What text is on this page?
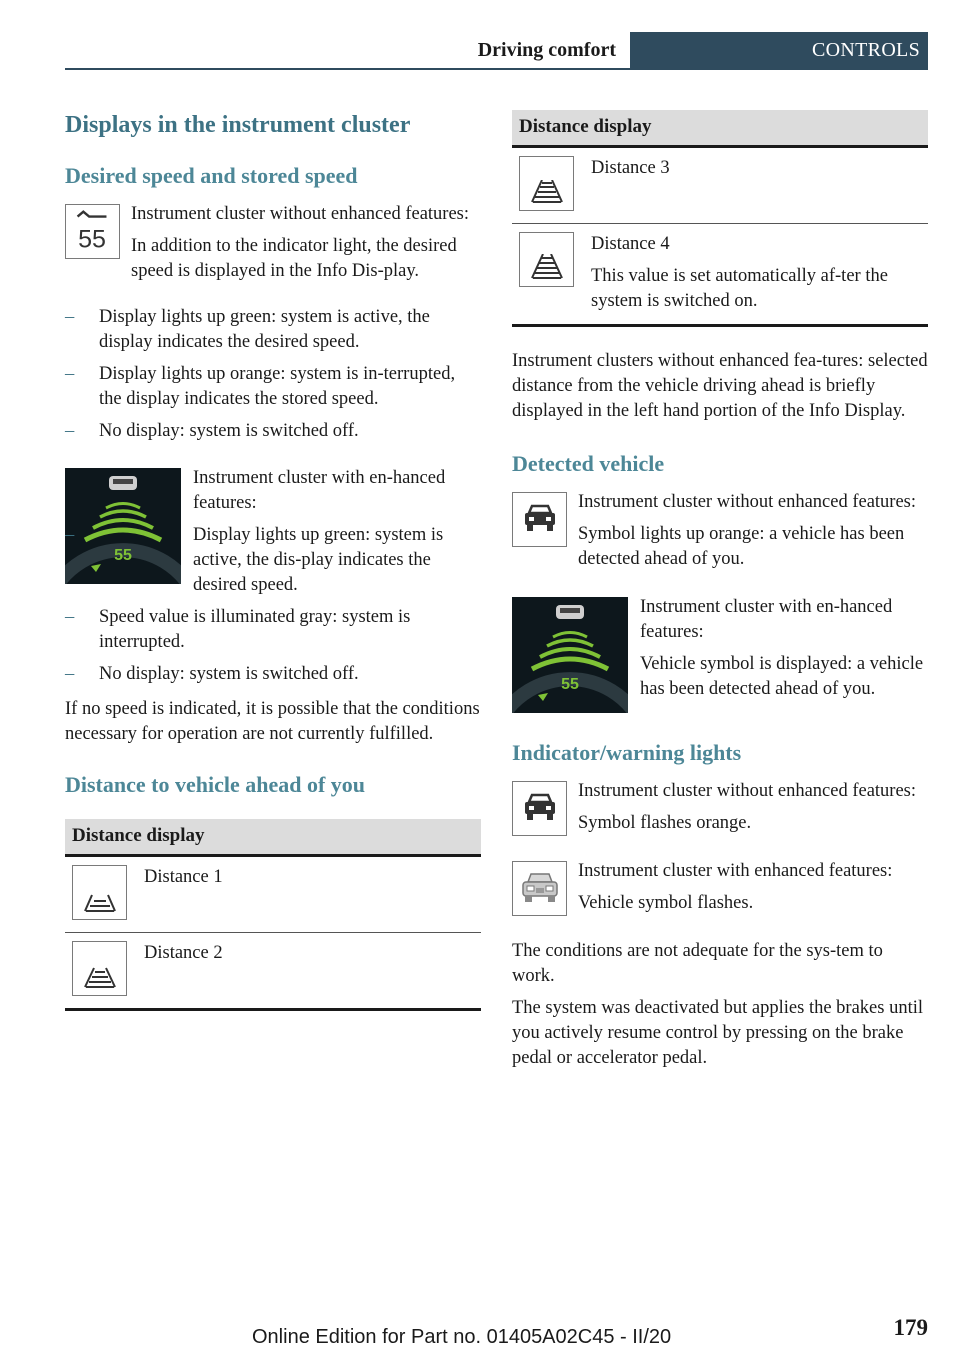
Driving comfort	CONTROLS
Displays in the instrument cluster
Desired speed and stored speed
55

Instrument cluster without enhanced features:

In addition to the indicator light, the desired speed is displayed in the Info Dis‐play.

– Display lights up green: system is active, the display indicates the desired speed.
– Display lights up orange: system is in‐terrupted, the display indicates the stored speed.
– No display: system is switched off.
55

Instrument cluster with en‐hanced features:

– Display lights up green: system is active, the dis‐play indicates the desired speed.
– Speed value is illuminated gray: system is interrupted.
– No display: system is switched off.

If no speed is indicated, it is possible that the conditions necessary for operation are not currently fulfilled.

Distance to vehicle ahead of you
Distance display	

	Distance 1

	Distance 2
Distance display	

	Distance 3

Distance 4
This value is set automatically af‐ter the system is switched on.

Instrument clusters without enhanced fea‐tures: selected distance from the vehicle driving ahead is briefly displayed in the left hand portion of the Info Display.

Detected vehicle

Instrument cluster without enhanced features:

Symbol lights up orange: a vehicle has been detected ahead of you.

55

Instrument cluster with en‐hanced features:

Vehicle symbol is displayed: a vehicle has been detected ahead of you.

Indicator/warning lights

Instrument cluster without enhanced features:

Symbol flashes orange.

Instrument cluster with enhanced features:

Vehicle symbol flashes.

The conditions are not adequate for the sys‐tem to work.

The system was deactivated but applies the brakes until you actively resume control by pressing on the brake pedal or accelerator pedal.

Online Edition for Part no. 01405A02C45 - II/20	179
